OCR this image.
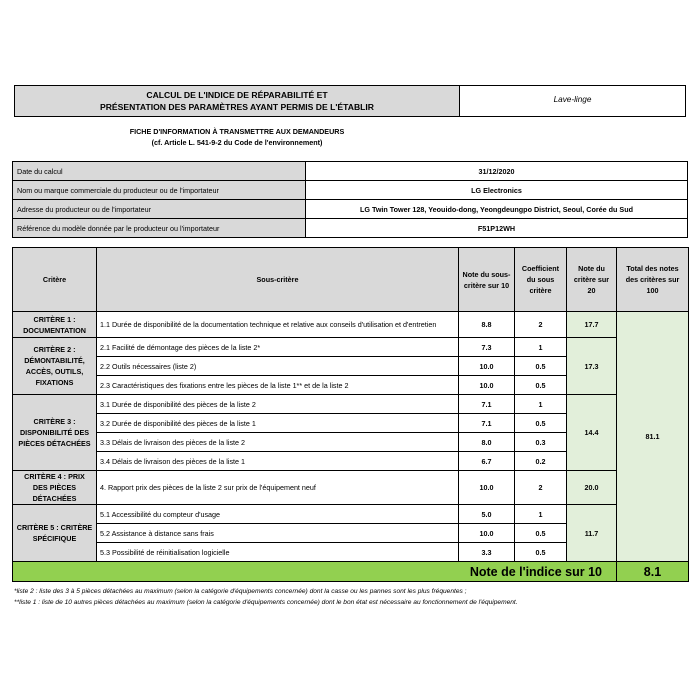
CALCUL DE L'INDICE DE RÉPARABILITÉ ET
PRÉSENTATION DES PARAMÈTRES AYANT PERMIS DE L'ÉTABLIR
Lave-linge
FICHE D'INFORMATION À TRANSMETTRE AUX DEMANDEURS
(cf. Article L. 541-9-2 du Code de l'environnement)
Date du calcul	31/12/2020
Nom ou marque commerciale du producteur ou de l'importateur	LG Electronics
Adresse du producteur ou de l'importateur	LG Twin Tower 128, Yeouido-dong, Yeongdeungpo District, Seoul, Corée du Sud
Référence du modèle donnée par le producteur ou l'importateur	F51P12WH
Critère	Sous-critère	Note du sous-critère sur 10	Coefficient du sous critère	Note du critère sur 20	Total des notes des critères sur 100
CRITÈRE 1 : DOCUMENTATION	1.1 Durée de disponibilité de la documentation technique et relative aux conseils d'utilisation et d'entretien	8.8	2	17.7	81.1
CRITÈRE 2 : DÉMONTABILITÉ, ACCÈS, OUTILS, FIXATIONS	2.1 Facilité de démontage des pièces de la liste 2*	7.3	1	17.3	
	2.2 Outils nécessaires (liste 2)	10.0	0.5		
	2.3 Caractéristiques des fixations entre les pièces de la liste 1** et de la liste 2	10.0	0.5		
CRITÈRE 3 : DISPONIBILITÉ DES PIÈCES DÉTACHÉES	3.1 Durée de disponibilité des pièces de la liste 2	7.1	1	14.4	
	3.2 Durée de disponibilité des pièces de la liste 1	7.1	0.5		
	3.3 Délais de livraison des pièces de la liste 2	8.0	0.3		
	3.4 Délais de livraison des pièces de la liste 1	6.7	0.2		
CRITÈRE 4 : PRIX DES PIÈCES DÉTACHÉES	4. Rapport prix des pièces de la liste 2 sur prix de l'équipement neuf	10.0	2	20.0	
CRITÈRE 5 : CRITÈRE SPÉCIFIQUE	5.1 Accessibilité du compteur d'usage	5.0	1	11.7	
	5.2 Assistance à distance sans frais	10.0	0.5		
	5.3 Possibilité de réinitialisation logicielle	3.3	0.5		
Note de l'indice sur 10					8.1
*liste 2 : liste des 3 à 5 pièces détachées au maximum (selon la catégorie d'équipements concernée) dont la casse ou les pannes sont les plus fréquentes ;
**liste 1 : liste de 10 autres pièces détachées au maximum (selon la catégorie d'équipements concernée) dont le bon état est nécessaire au fonctionnement de l'équipement.
